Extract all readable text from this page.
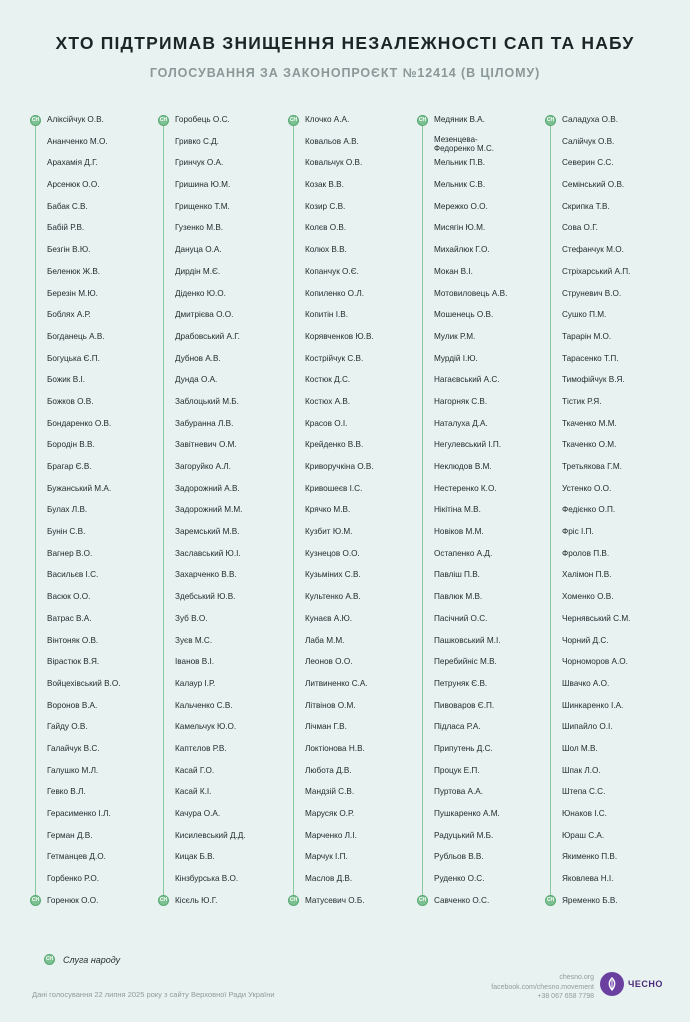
ХТО ПІДТРИМАВ ЗНИЩЕННЯ НЕЗАЛЕЖНОСТІ САП ТА НАБУ
ГОЛОСУВАННЯ ЗА ЗАКОНОПРОЄКТ №12414 (В ЦІЛОМУ)
СН
СН
Аліксійчук О.В.
Ананченко М.О.
Арахамія Д.Г.
Арсенюк О.О.
Бабак С.В.
Бабій Р.В.
Безгін В.Ю.
Беленюк Ж.В.
Березін М.Ю.
Боблях А.Р.
Богданець А.В.
Богуцька Є.П.
Божик В.І.
Божков О.В.
Бондаренко О.В.
Бородін В.В.
Брагар Є.В.
Бужанський М.А.
Булах Л.В.
Бунін С.В.
Вагнер В.О.
Васильєв І.С.
Васюк О.О.
Ватрас В.А.
Вінтоняк О.В.
Вірастюк В.Я.
Войцехівський В.О.
Воронов В.А.
Гайду О.В.
Галайчук В.С.
Галушко М.Л.
Гевко В.Л.
Герасименко І.Л.
Герман Д.В.
Гетманцев Д.О.
Горбенко Р.О.
Горенюк О.О.
СН
СН
Горобець О.С.
Гривко С.Д.
Гринчук О.А.
Гришина Ю.М.
Грищенко Т.М.
Гузенко М.В.
Дануца О.А.
Дирдін М.Є.
Діденко Ю.О.
Дмитрієва О.О.
Драбовський А.Г.
Дубнов А.В.
Дунда О.А.
Заблоцький М.Б.
Забуранна Л.В.
Завітневич О.М.
Загоруйко А.Л.
Задорожний А.В.
Задорожний М.М.
Заремський М.В.
Заславський Ю.І.
Захарченко В.В.
Здебський Ю.В.
Зуб В.О.
Зуєв М.С.
Іванов В.І.
Калаур І.Р.
Кальченко С.В.
Камельчук Ю.О.
Каптєлов Р.В.
Касай Г.О.
Касай К.І.
Качура О.А.
Кисилевський Д.Д.
Кицак Б.В.
Кінзбурська В.О.
Кісєль Ю.Г.
СН
СН
Клочко А.А.
Ковальов А.В.
Ковальчук О.В.
Козак В.В.
Козир С.В.
Колєв О.В.
Колюх В.В.
Копанчук О.Є.
Копиленко О.Л.
Копитін І.В.
Корявченков Ю.В.
Кострійчук С.В.
Костюк Д.С.
Костюх А.В.
Красов О.І.
Крейденко В.В.
Криворучкіна О.В.
Кривошеєв І.С.
Крячко М.В.
Кузбит Ю.М.
Кузнецов О.О.
Кузьміних С.В.
Культенко А.В.
Кунаєв А.Ю.
Лаба М.М.
Леонов О.О.
Литвиненко С.А.
Літвінов О.М.
Лічман Г.В.
Локтіонова Н.В.
Любота Д.В.
Мандзій С.В.
Марусяк О.Р.
Марченко Л.І.
Марчук І.П.
Маслов Д.В.
Матусевич О.Б.
СН
СН
Медяник В.А.
Мезенцева-Федоренко М.С.
Мельник П.В.
Мельник С.В.
Мережко О.О.
Мисягін Ю.М.
Михайлюк Г.О.
Мокан В.І.
Мотовиловець А.В.
Мошенець О.В.
Мулик Р.М.
Мурдій І.Ю.
Нагаєвський А.С.
Нагорняк С.В.
Наталуха Д.А.
Негулевський І.П.
Неклюдов В.М.
Нестеренко К.О.
Нікітіна М.В.
Новіков М.М.
Остапенко А.Д.
Павліш П.В.
Павлюк М.В.
Пасічний О.С.
Пашковський М.І.
Перебийніс М.В.
Петруняк Є.В.
Пивоваров Є.П.
Підласа Р.А.
Припутень Д.С.
Процук Е.П.
Пуртова А.А.
Пушкаренко А.М.
Радуцький М.Б.
Рубльов В.В.
Руденко О.С.
Савченко О.С.
СН
СН
Саладуха О.В.
Салійчук О.В.
Северин С.С.
Семінський О.В.
Скрипка Т.В.
Сова О.Г.
Стефанчук М.О.
Стріхарський А.П.
Струневич В.О.
Сушко П.М.
Тарарін М.О.
Тарасенко Т.П.
Тимофійчук В.Я.
Тістик Р.Я.
Ткаченко М.М.
Ткаченко О.М.
Третьякова Г.М.
Устенко О.О.
Федієнко О.П.
Фріс І.П.
Фролов П.В.
Халімон П.В.
Хоменко О.В.
Чернявський С.М.
Чорний Д.С.
Чорноморов А.О.
Швачко А.О.
Шинкаренко І.А.
Шипайло О.І.
Шол М.В.
Шпак Л.О.
Штепа С.С.
Юнаков І.С.
Юраш С.А.
Якименко П.В.
Яковлева Н.І.
Яременко Б.В.
СН Слуга народу
Дані голосування 22 липня 2025 року з сайту Верховної Ради України
chesno.org
facebook.com/chesno.movement
+38 067 658 7798
ЧЕСНО
